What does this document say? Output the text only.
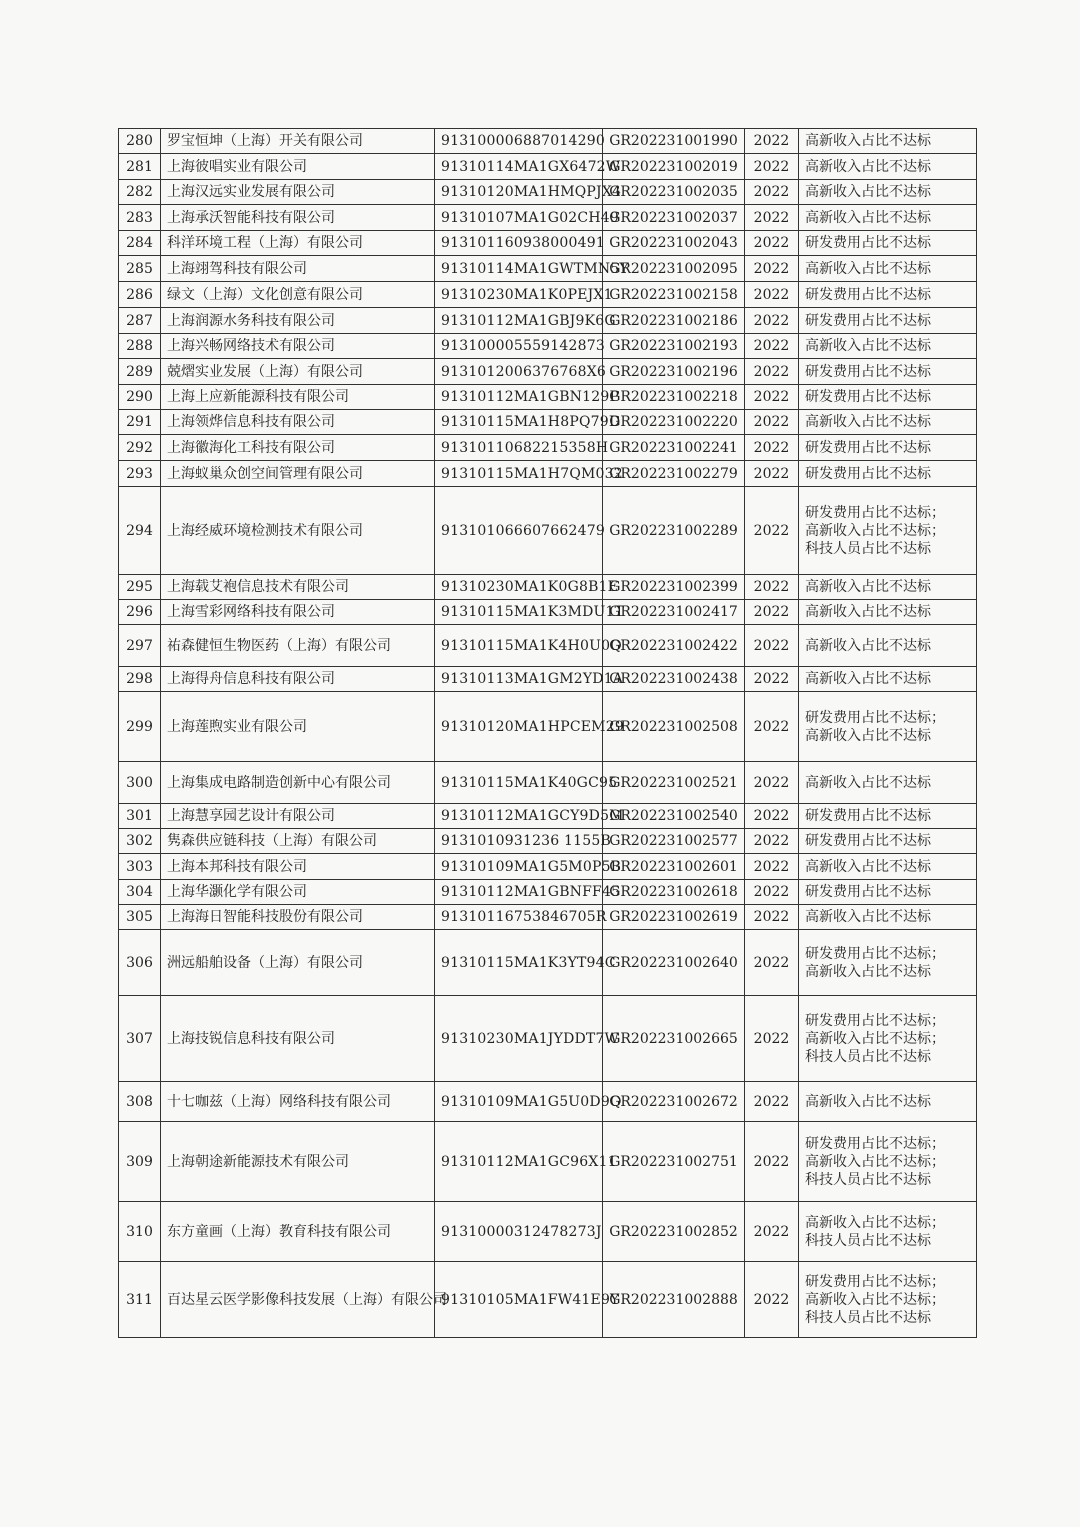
280	罗宝恒坤（上海）开关有限公司	913100006887014290	GR202231001990	2022	高新收入占比不达标

281	上海彼唱实业有限公司	91310114MA1GX6472W	GR202231002019	2022	高新收入占比不达标

282	上海汉远实业发展有限公司	91310120MA1HMQPJX4	GR202231002035	2022	高新收入占比不达标

283	上海承沃智能科技有限公司	91310107MA1G02CH49	GR202231002037	2022	高新收入占比不达标

284	科洋环境工程（上海）有限公司	913101160938000491	GR202231002043	2022	研发费用占比不达标

285	上海翊驾科技有限公司	91310114MA1GWTMN5Y	GR202231002095	2022	高新收入占比不达标

286	绿文（上海）文化创意有限公司	91310230MA1K0PEJX1	GR202231002158	2022	研发费用占比不达标

287	上海润源水务科技有限公司	91310112MA1GBJ9K6G	GR202231002186	2022	研发费用占比不达标

288	上海兴畅网络技术有限公司	913100005559142873	GR202231002193	2022	高新收入占比不达标

289	兢熠实业发展（上海）有限公司	9131012006376768X6	GR202231002196	2022	研发费用占比不达标

290	上海上应新能源科技有限公司	91310112MA1GBN129P	GR202231002218	2022	研发费用占比不达标

291	上海领烨信息科技有限公司	91310115MA1H8PQ79D	GR202231002220	2022	高新收入占比不达标

292	上海徽海化工科技有限公司	91310110682215358H	GR202231002241	2022	研发费用占比不达标

293	上海蚁巢众创空间管理有限公司	91310115MA1H7QM032	GR202231002279	2022	研发费用占比不达标

294	上海经威环境检测技术有限公司	913101066607662479	GR202231002289	2022	研发费用占比不达标；
高新收入占比不达标；
科技人员占比不达标

295	上海载艾袍信息技术有限公司	91310230MA1K0G8B1E	GR202231002399	2022	高新收入占比不达标

296	上海雪彩网络科技有限公司	91310115MA1K3MDU1T	GR202231002417	2022	高新收入占比不达标

297	祐森健恒生物医药（上海）有限公司	91310115MA1K4H0U0Q	GR202231002422	2022	高新收入占比不达标

298	上海得舟信息科技有限公司	91310113MA1GM2YD1A	GR202231002438	2022	高新收入占比不达标

299	上海莲煦实业有限公司	91310120MA1HPCEM29	GR202231002508	2022	研发费用占比不达标；
高新收入占比不达标

300	上海集成电路制造创新中心有限公司	91310115MA1K40GC95	GR202231002521	2022	高新收入占比不达标

301	上海慧享园艺设计有限公司	91310112MA1GCY9D5M	GR202231002540	2022	研发费用占比不达标

302	隽森供应链科技（上海）有限公司	9131010931236 1155B	GR202231002577	2022	研发费用占比不达标

303	上海本邦科技有限公司	91310109MA1G5M0P5B	GR202231002601	2022	高新收入占比不达标

304	上海华灏化学有限公司	91310112MA1GBNFF45	GR202231002618	2022	研发费用占比不达标

305	上海海日智能科技股份有限公司	91310116753846705R	GR202231002619	2022	高新收入占比不达标

306	洲远船舶设备（上海）有限公司	91310115MA1K3YT94C	GR202231002640	2022	研发费用占比不达标；
高新收入占比不达标

307	上海技锐信息科技有限公司	91310230MA1JYDDT7W	GR202231002665	2022	研发费用占比不达标；
高新收入占比不达标；
科技人员占比不达标

308	十七咖兹（上海）网络科技有限公司	91310109MA1G5U0D9Q	GR202231002672	2022	高新收入占比不达标

309	上海朝途新能源技术有限公司	91310112MA1GC96X11	GR202231002751	2022	研发费用占比不达标；
高新收入占比不达标；
科技人员占比不达标

310	东方童画（上海）教育科技有限公司	91310000312478273J	GR202231002852	2022	高新收入占比不达标；
科技人员占比不达标

311	百达星云医学影像科技发展（上海）有限公司	91310105MA1FW41E9Y	GR202231002888	2022	研发费用占比不达标；
高新收入占比不达标；
科技人员占比不达标
